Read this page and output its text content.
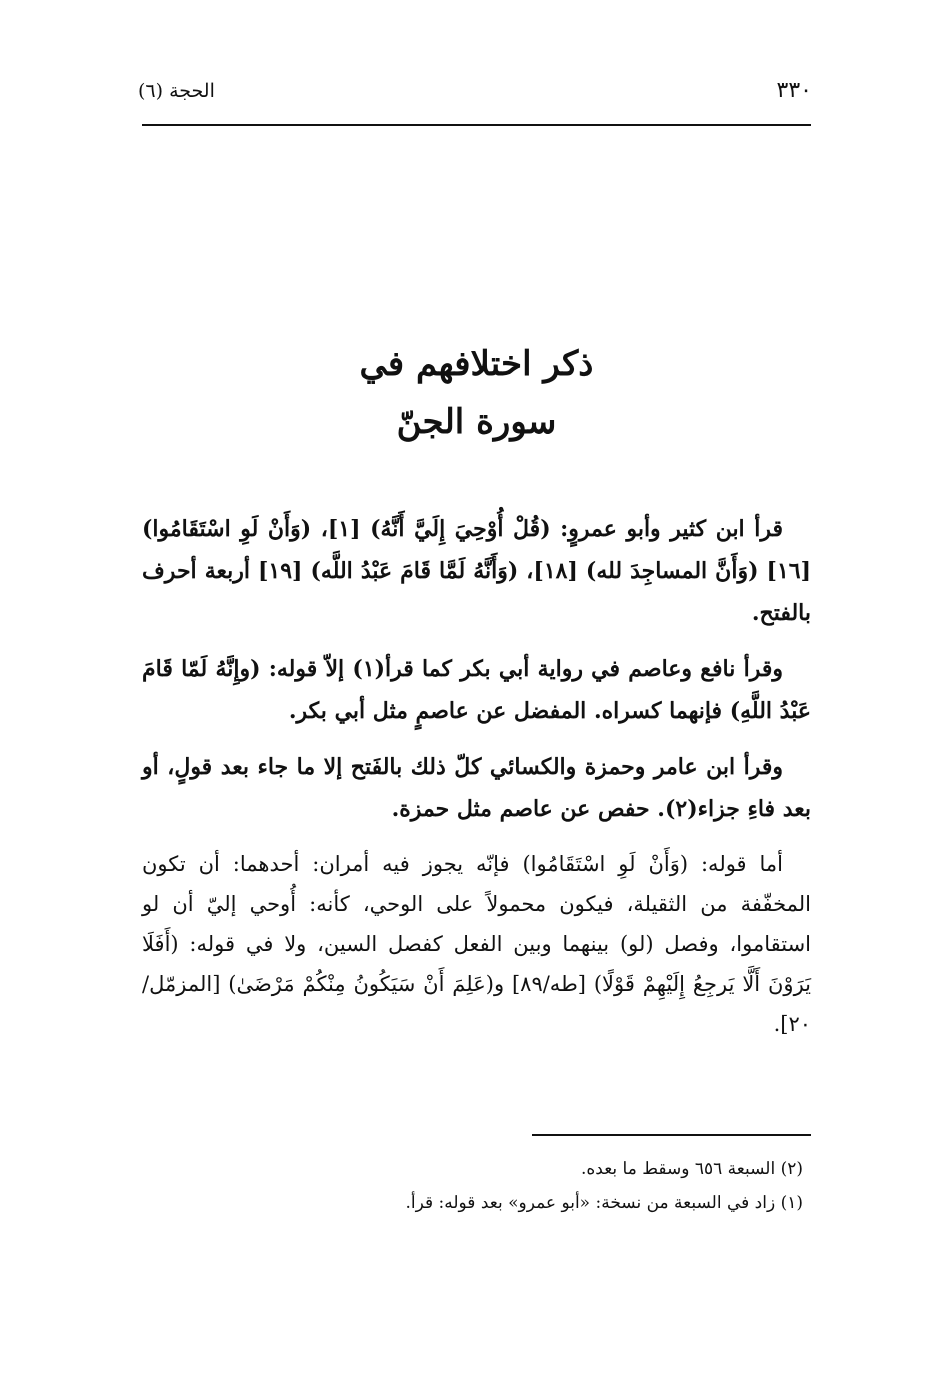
٣٣٠
الحجة (٦)
ذكر اختلافهم في
سورة الجنّ

قرأ ابن كثير وأبو عمروٍ: (قُلْ أُوْحِيَ إِلَيَّ أَنَّهُ) [١]، (وَأَنْ لَوِ اسْتَقَامُوا) [١٦] (وَأَنَّ المساجِدَ لله) [١٨]، (وَأَنَّهُ لَمَّا قَامَ عَبْدُ اللَّه) [١٩] أربعة أحرف بالفتح.

وقرأ نافع وعاصم في رواية أبي بكر كما قرأ(١) إلاّ قوله: (وإِنَّهُ لَمّا قَامَ عَبْدُ اللَّهِ) فإنهما كسراه. المفضل عن عاصمٍ مثل أبي بكر.

وقرأ ابن عامر وحمزة والكسائي كلّ ذلك بالفَتح إلا ما جاء بعد قولٍ، أو بعد فاءِ جزاء(٢). حفص عن عاصم مثل حمزة.

أما قوله: (وَأَنْ لَوِ اسْتَقَامُوا) فإنّه يجوز فيه أمران: أحدهما: أن تكون المخفّفة من الثقيلة، فيكون محمولاً على الوحي، كأنه: أُوحي إليّ أن لو استقاموا، وفصل (لو) بينهما وبين الفعل كفصل السين، ولا في قوله: (أَفَلَا يَرَوْنَ أَلَّا يَرجِعُ إِلَيْهِمْ قَوْلًا) [طه/٨٩] و(عَلِمَ أَنْ سَيَكُونُ مِنْكُمْ مَرْضَىٰ) [المزمّل/٢٠].

(٢) السبعة ٦٥٦ وسقط ما بعده.
(١) زاد في السبعة من نسخة: «أبو عمرو» بعد قوله: قرأ.
